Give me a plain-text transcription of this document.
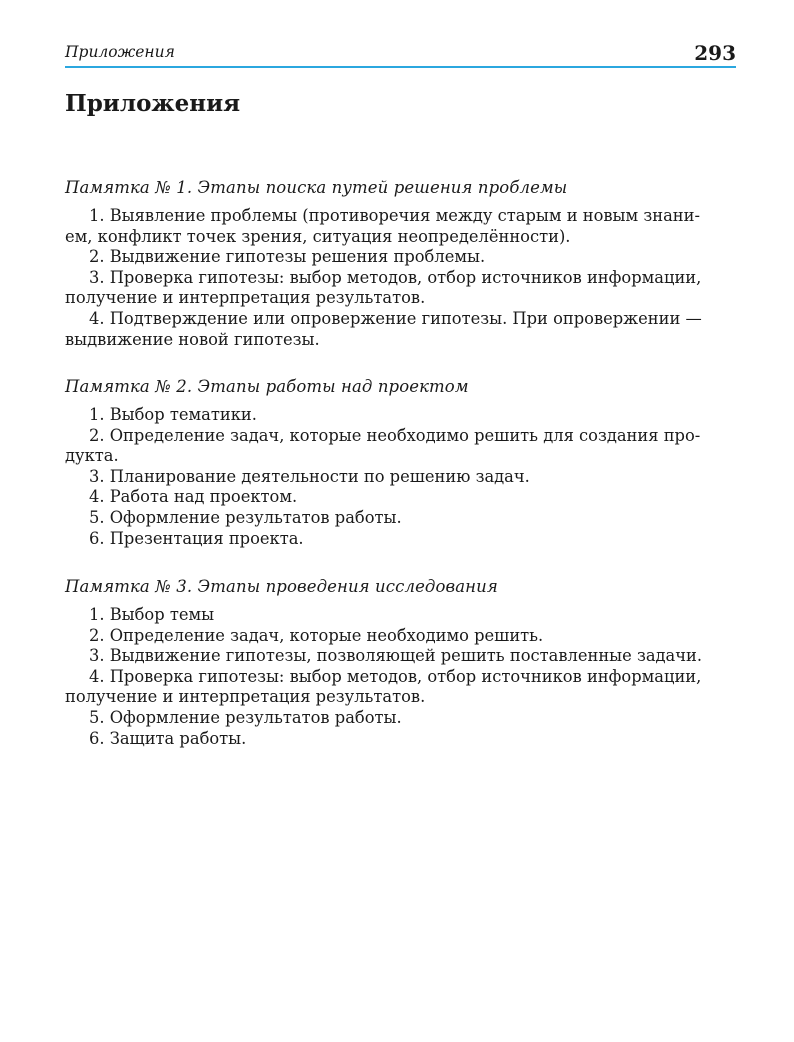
Приложения	293
Приложения
Памятка № 1. Этапы поиска путей решения проблемы

1. Выявление проблемы (противоречия между старым и новым знани-
ем, конфликт точек зрения, ситуация неопределённости).

2. Выдвижение гипотезы решения проблемы.

3. Проверка гипотезы: выбор методов, отбор источников информации,
получение и интерпретация результатов.

4. Подтверждение или опровержение гипотезы. При опровержении —
выдвижение новой гипотезы.

Памятка № 2. Этапы работы над проектом

1. Выбор тематики.

2. Определение задач, которые необходимо решить для создания про-
дукта.

3. Планирование деятельности по решению задач.

4. Работа над проектом.

5. Оформление результатов работы.

6. Презентация проекта.

Памятка № 3. Этапы проведения исследования

1. Выбор темы

2. Определение задач, которые необходимо решить.

3. Выдвижение гипотезы, позволяющей решить поставленные задачи.

4. Проверка гипотезы: выбор методов, отбор источников информации,
получение и интерпретация результатов.

5. Оформление результатов работы.

6. Защита работы.
